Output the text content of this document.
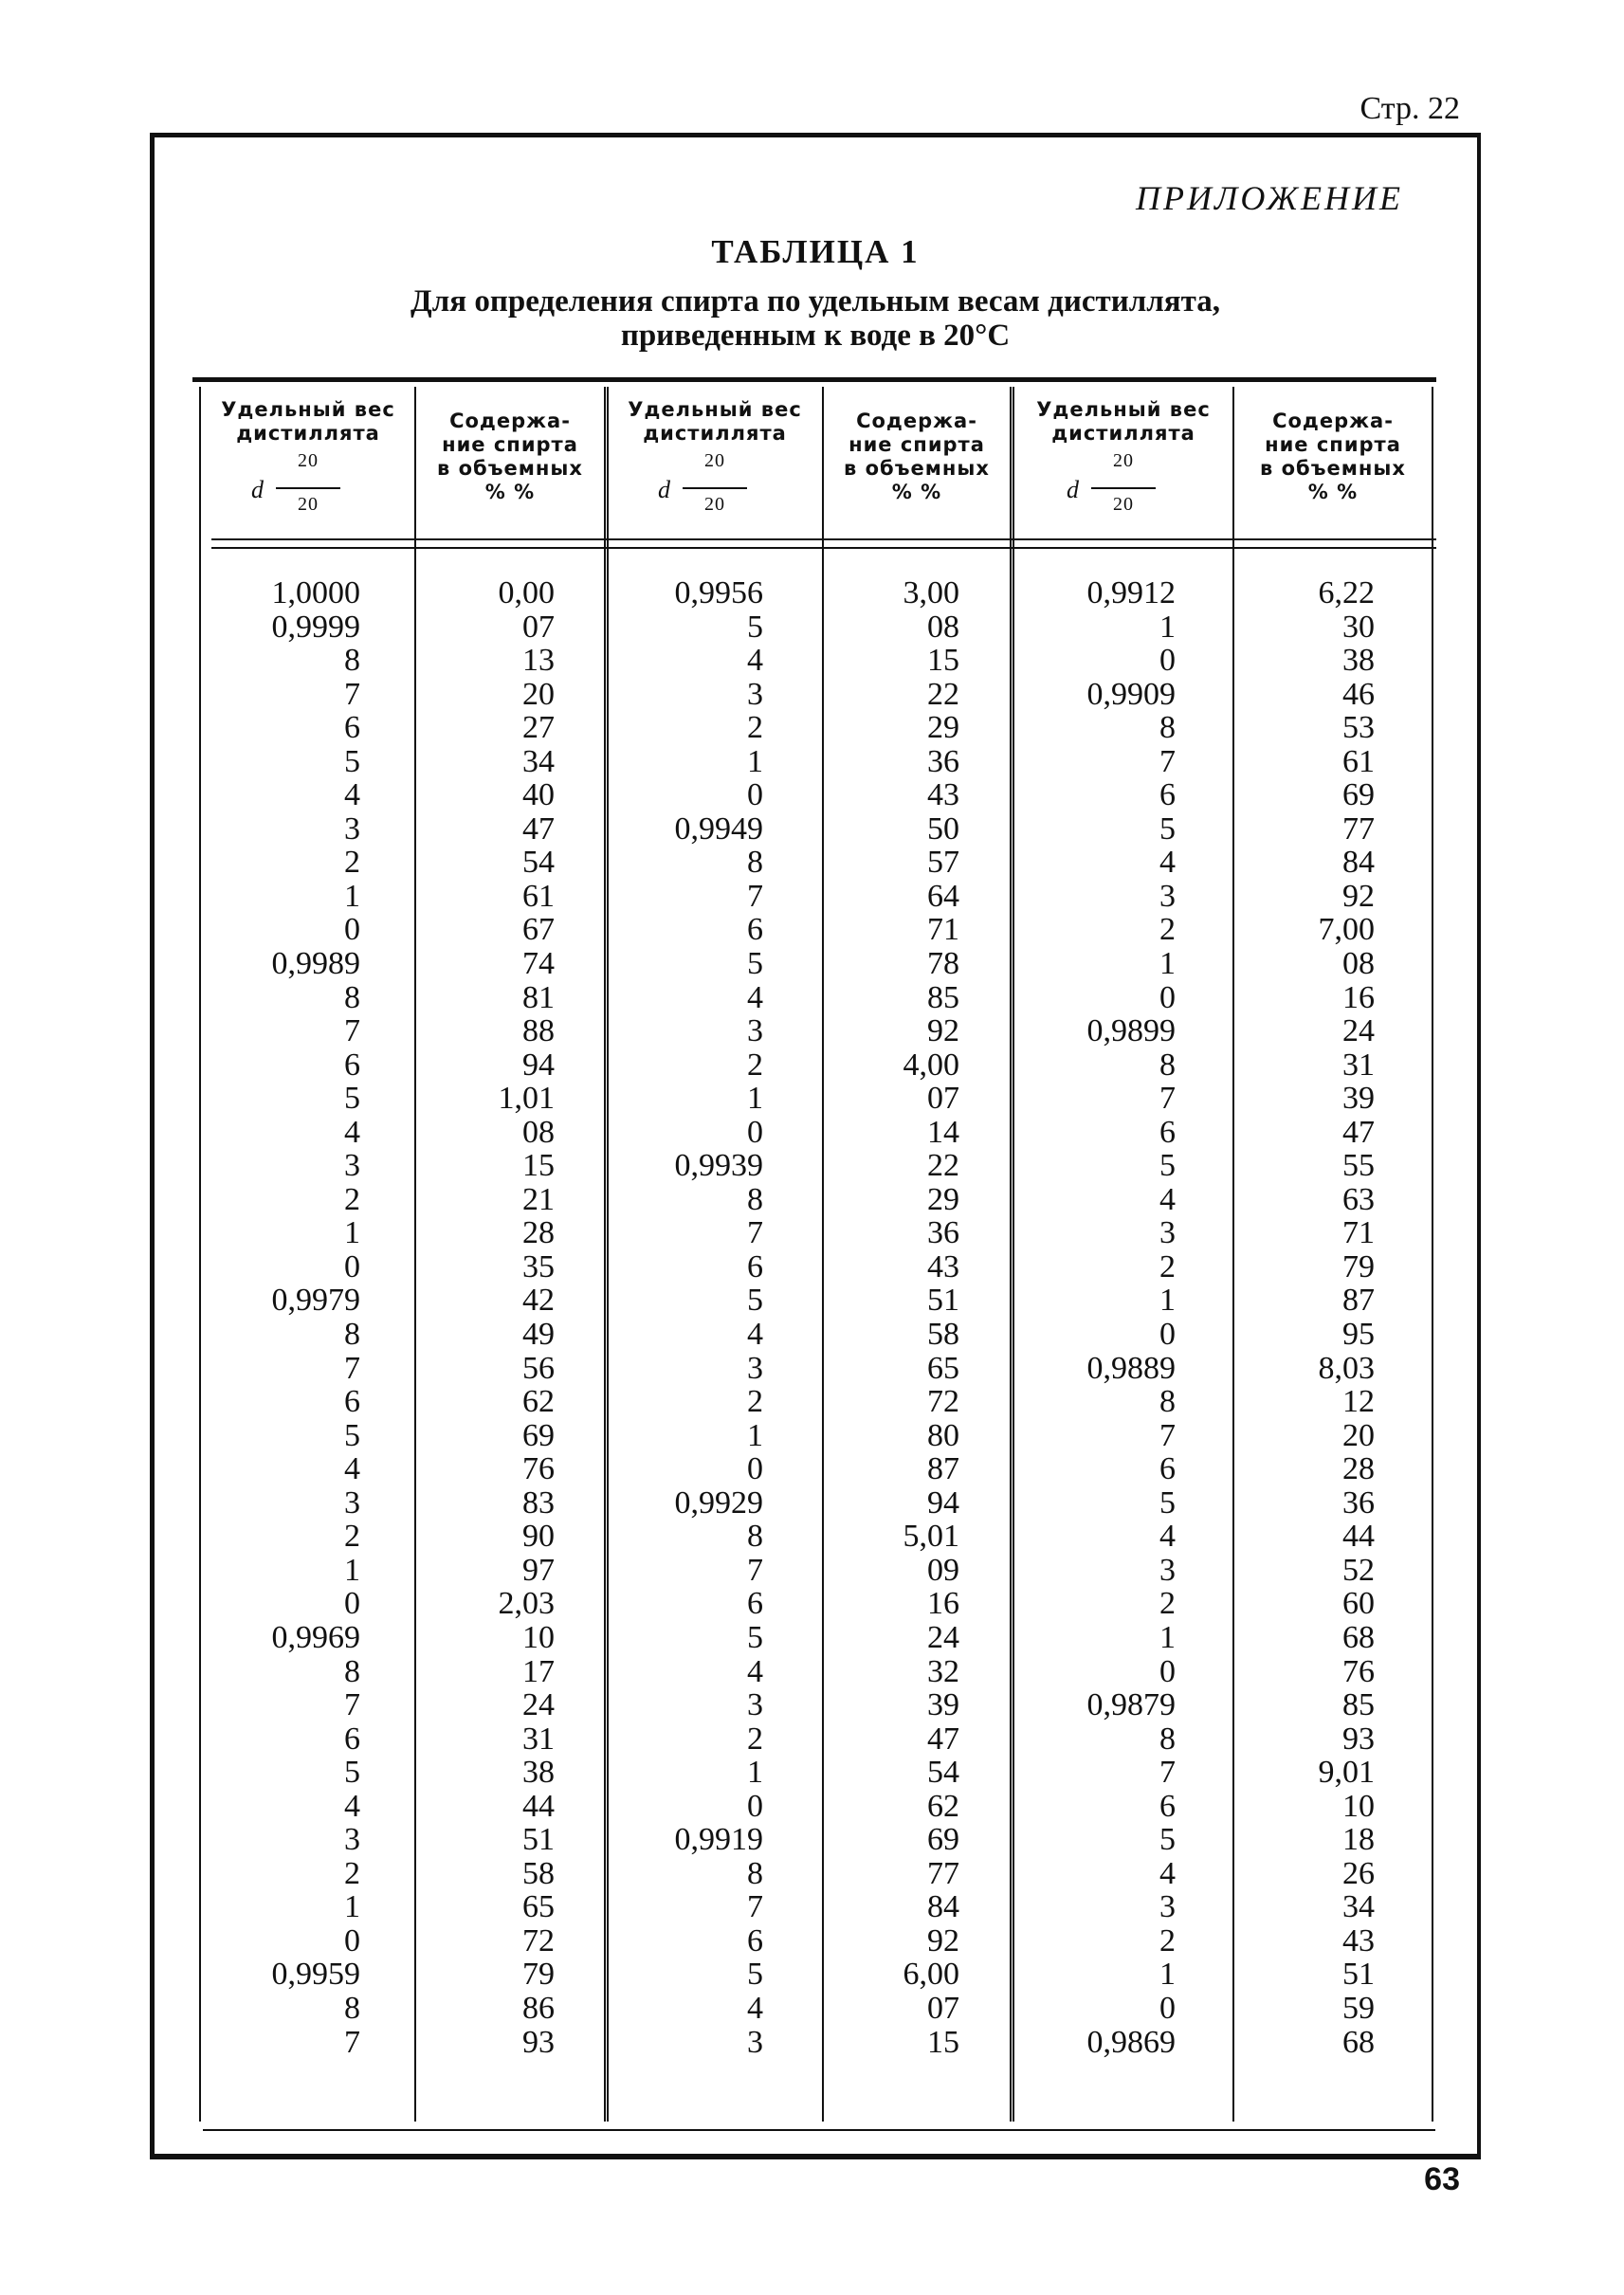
Стр. 22
ПРИЛОЖЕНИЕ
ТАБЛИЦА 1
Для определения спирта по удельным весам дистиллята,
приведенным к воде в 20°С
Удельный вес
дистиллята
20
d
20
Содержа-
ние спирта
в объемных
% %
Удельный вес
дистиллята
20
d
20
Содержа-
ние спирта
в объемных
% %
Удельный вес
дистиллята
20
d
20
Содержа-
ние спирта
в объемных
% %
1,0000
0,9999
8
7
6
5
4
3
2
1
0
0,9989
8
7
6
5
4
3
2
1
0
0,9979
8
7
6
5
4
3
2
1
0
0,9969
8
7
6
5
4
3
2
1
0
0,9959
8
7
0,00
07
13
20
27
34
40
47
54
61
67
74
81
88
94
1,01
08
15
21
28
35
42
49
56
62
69
76
83
90
97
2,03
10
17
24
31
38
44
51
58
65
72
79
86
93
0,9956
5
4
3
2
1
0
0,9949
8
7
6
5
4
3
2
1
0
0,9939
8
7
6
5
4
3
2
1
0
0,9929
8
7
6
5
4
3
2
1
0
0,9919
8
7
6
5
4
3
3,00
08
15
22
29
36
43
50
57
64
71
78
85
92
4,00
07
14
22
29
36
43
51
58
65
72
80
87
94
5,01
09
16
24
32
39
47
54
62
69
77
84
92
6,00
07
15
0,9912
1
0
0,9909
8
7
6
5
4
3
2
1
0
0,9899
8
7
6
5
4
3
2
1
0
0,9889
8
7
6
5
4
3
2
1
0
0,9879
8
7
6
5
4
3
2
1
0
0,9869
6,22
30
38
46
53
61
69
77
84
92
7,00
08
16
24
31
39
47
55
63
71
79
87
95
8,03
12
20
28
36
44
52
60
68
76
85
93
9,01
10
18
26
34
43
51
59
68
63
